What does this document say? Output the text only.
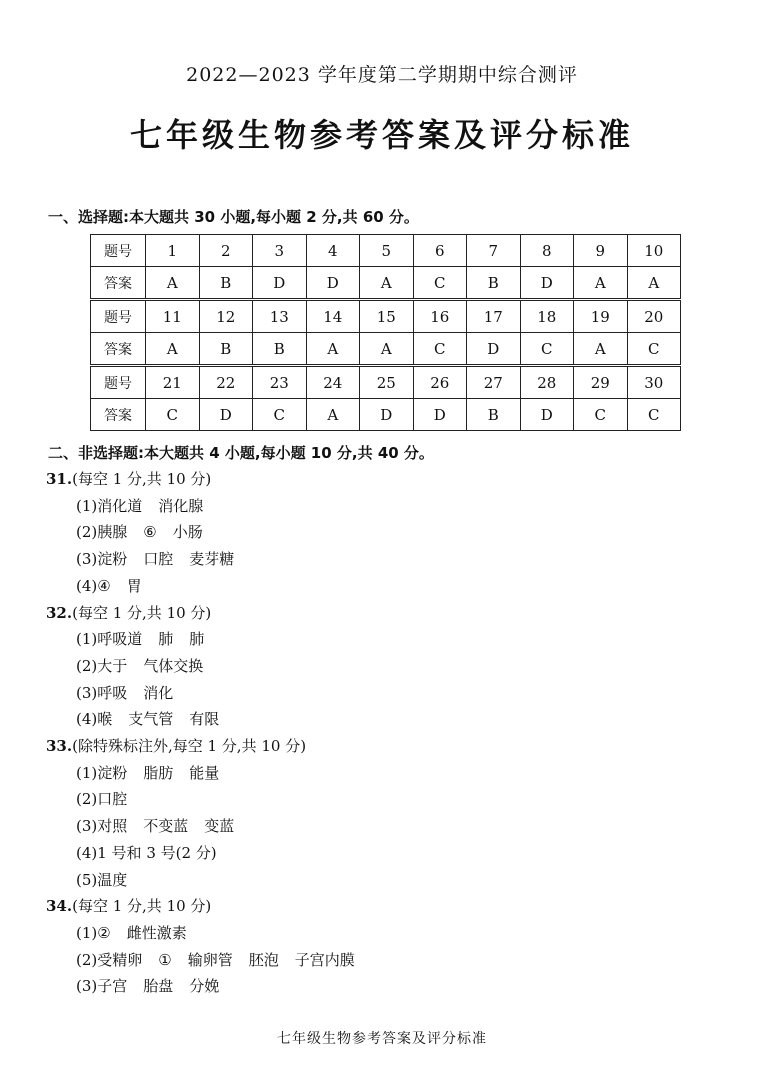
2022—2023 学年度第二学期期中综合测评
七年级生物参考答案及评分标准
一、选择题:本大题共 30 小题,每小题 2 分,共 60 分。
题号	1	2	3	4	5	6	7	8	9	10
答案	A	B	D	D	A	C	B	D	A	A
题号	11	12	13	14	15	16	17	18	19	20
答案	A	B	B	A	A	C	D	C	A	C
题号	21	22	23	24	25	26	27	28	29	30
答案	C	D	C	A	D	D	B	D	C	C
二、非选择题:本大题共 4 小题,每小题 10 分,共 40 分。
31.(每空 1 分,共 10 分)
(1)消化道 消化腺
(2)胰腺 ⑥ 小肠
(3)淀粉 口腔 麦芽糖
(4)④ 胃
32.(每空 1 分,共 10 分)
(1)呼吸道 肺 肺
(2)大于 气体交换
(3)呼吸 消化
(4)喉 支气管 有限
33.(除特殊标注外,每空 1 分,共 10 分)
(1)淀粉 脂肪 能量
(2)口腔
(3)对照 不变蓝 变蓝
(4)1 号和 3 号(2 分)
(5)温度
34.(每空 1 分,共 10 分)
(1)② 雌性激素
(2)受精卵 ① 输卵管 胚泡 子宫内膜
(3)子宫 胎盘 分娩
七年级生物参考答案及评分标准
